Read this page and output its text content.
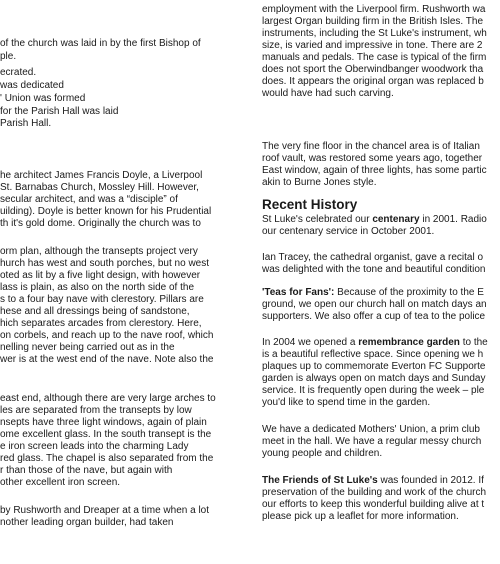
of the church was laid in by the first Bishop of
ple.
ecrated.
was dedicated
' Union was formed
for the Parish Hall was laid
Parish Hall.
he architect James Francis Doyle, a Liverpool
St. Barnabas Church, Mossley Hill. However,
secular architect, and was a “disciple” of
uilding). Doyle is better known for his Prudential
th it's gold dome. Originally the church was to
orm plan, although the transepts project very
hurch has west and south porches, but no west
oted as lit by a five light design, with however
lass is plain, as also on the north side of the
s to a four bay nave with clerestory. Pillars are
hese and all dressings being of sandstone,
hich separates arcades from clerestory. Here,
on corbels, and reach up to the nave roof, which
nelling never being carried out as in the
wer is at the west end of the nave. Note also the
east end, although there are very large arches to
les are separated from the transepts by low
nsepts have three light windows, again of plain
ome excellent glass. In the south transept is the
e iron screen leads into the charming Lady
red glass. The chapel is also separated from the
r than those of the nave, but again with
other excellent iron screen.
by Rushworth and Dreaper at a time when a lot
nother leading organ builder, had taken
employment with the Liverpool firm. Rushworth wa
largest Organ building firm in the British Isles. The
instruments, including the St Luke's instrument, wh
size, is varied and impressive in tone. There are 2
manuals and pedals. The case is typical of the firm
does not sport the Oberwindbanger woodwork tha
does. It appears the original organ was replaced b
would have had such carving.
The very fine floor in the chancel area is of Italian
roof vault, was restored some years ago, together
East window, again of three lights, has some partic
akin to Burne Jones style.
Recent History
St Luke's celebrated our centenary in 2001. Radio
our centenary service in October 2001.
Ian Tracey, the cathedral organist, gave a recital o
was delighted with the tone and beautiful condition
'Teas for Fans': Because of the proximity to the E
ground, we open our church hall on match days an
supporters. We also offer a cup of tea to the police
In 2004 we opened a remembrance garden to the
is a beautiful reflective space. Since opening we h
plaques up to commemorate Everton FC Supporte
garden is always open on match days and Sunday
service. It is frequently open during the week – ple
you'd like to spend time in the garden.
We have a dedicated Mothers' Union, a prim club
meet in the hall. We have a regular messy church
young people and children.
The Friends of St Luke's was founded in 2012. If
preservation of the building and work of the church
our efforts to keep this wonderful building alive at t
please pick up a leaflet for more information.
